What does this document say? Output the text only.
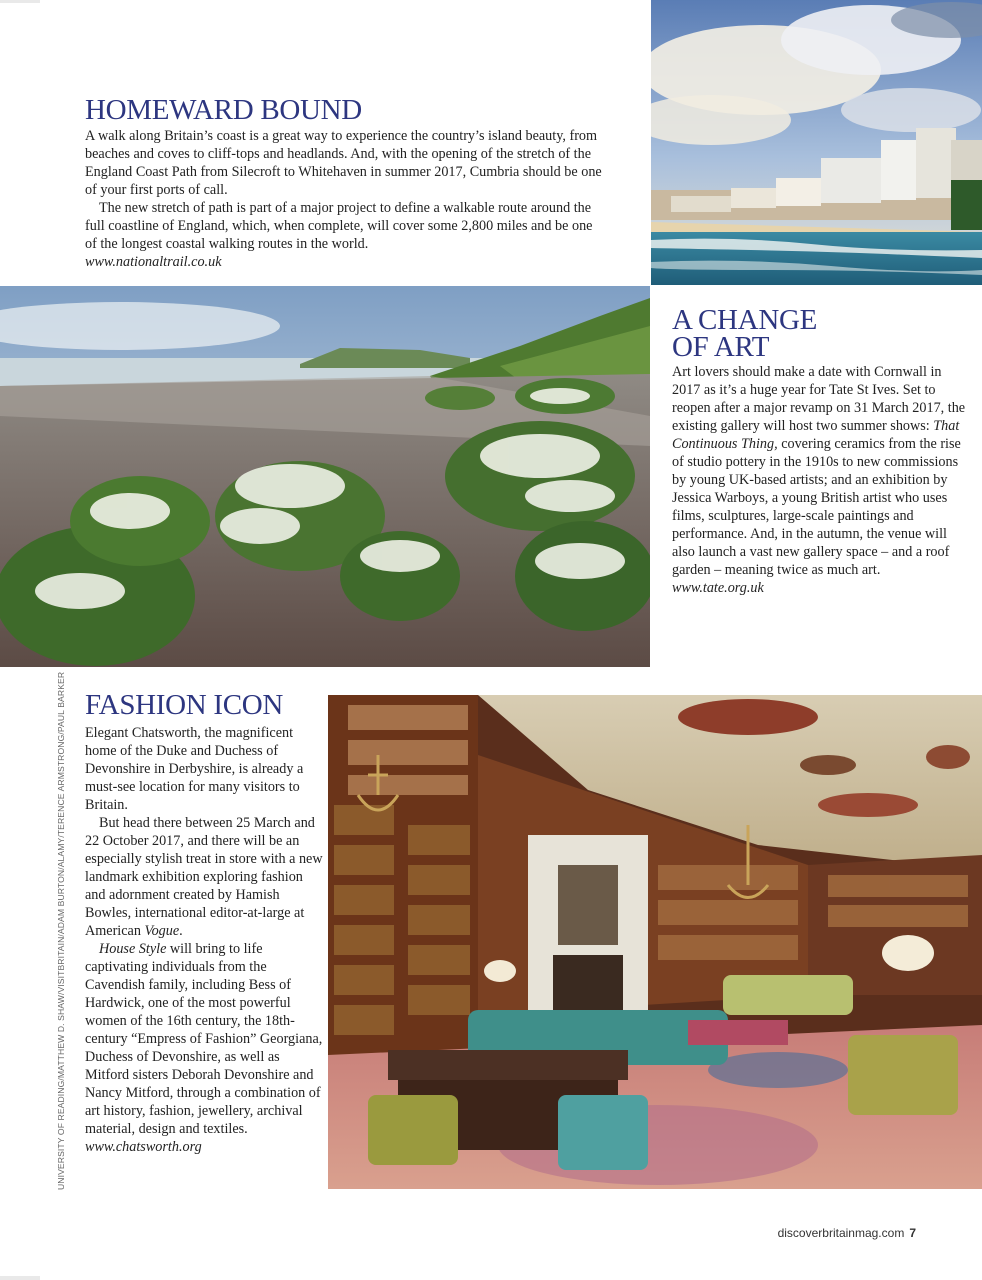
HOMEWARD BOUND

A walk along Britain’s coast is a great way to experience the country’s island beauty, from beaches and coves to cliff-tops and headlands. And, with the opening of the stretch of the England Coast Path from Silecroft to Whitehaven in summer 2017, Cumbria should be one of your first ports of call.

The new stretch of path is part of a major project to define a walkable route around the full coastline of England, which, when complete, will cover some 2,800 miles and be one of the longest coastal walking routes in the world.

www.nationaltrail.co.uk

A CHANGE
OF ART

Art lovers should make a date with Cornwall in 2017 as it’s a huge year for Tate St Ives. Set to reopen after a major revamp on 31 March 2017, the existing gallery will host two summer shows: That Continuous Thing, covering ceramics from the rise of studio pottery in the 1910s to new commissions by young UK-based artists; and an exhibition by Jessica Warboys, a young British artist who uses films, sculptures, large-scale paintings and performance. And, in the autumn, the venue will also launch a vast new gallery space – and a roof garden – meaning twice as much art.

www.tate.org.uk

FASHION ICON

Elegant Chatsworth, the magnificent home of the Duke and Duchess of Devonshire in Derbyshire, is already a must-see location for many visitors to Britain.

But head there between 25 March and 22 October 2017, and there will be an especially stylish treat in store with a new landmark exhibition exploring fashion and adornment created by Hamish Bowles, international editor-at-large at American Vogue.

House Style will bring to life captivating individuals from the Cavendish family, including Bess of Hardwick, one of the most powerful women of the 16th century, the 18th-century “Empress of Fashion” Georgiana, Duchess of Devonshire, as well as Mitford sisters Deborah Devonshire and Nancy Mitford, through a combination of art history, fashion, jewellery, archival material, design and textiles.

www.chatsworth.org

UNIVERSITY OF READING/MATTHEW D. SHAW/VISITBRITAIN/ADAM BURTON/ALAMY/TERENCE ARMSTRONG/PAUL BARKER
discoverbritainmag.com 7
